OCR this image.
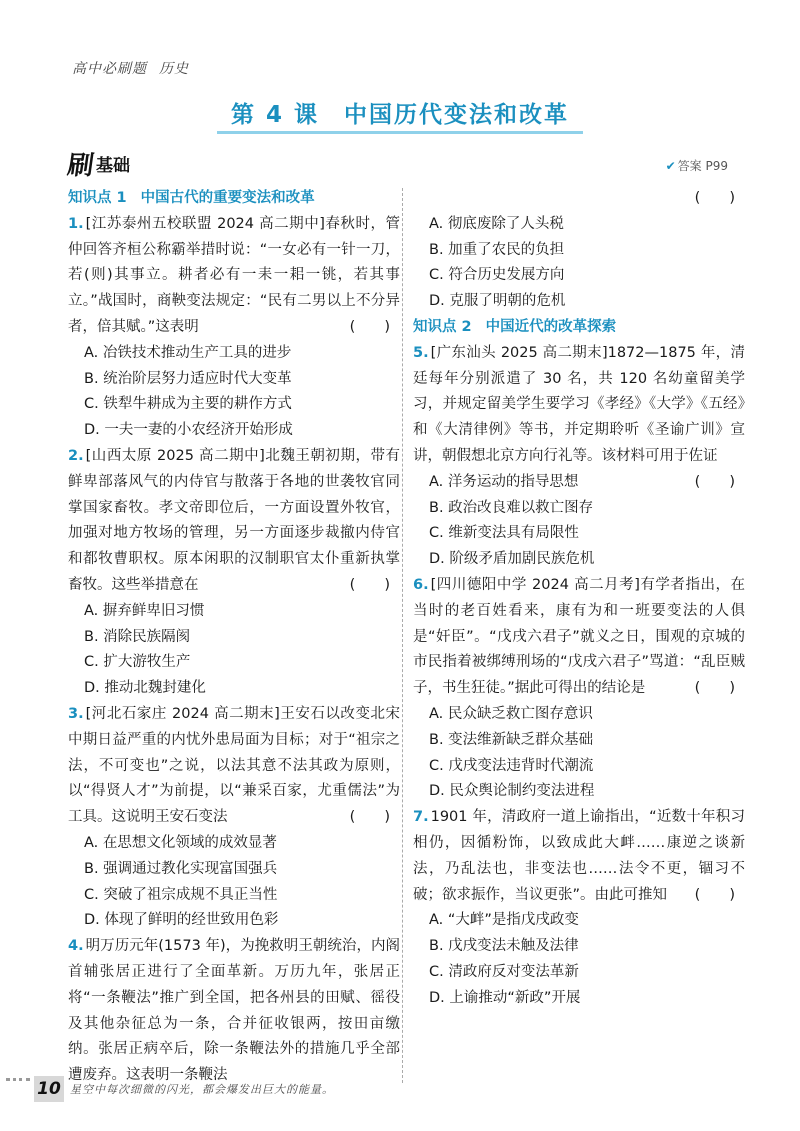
高中必刷题 历史
第 4 课　中国历代变法和改革
刷 基础	✔ 答案 P99

知识点 1 中国古代的重要变法和改革

1. [江苏泰州五校联盟 2024 高二期中]春秋时，管仲回答齐桓公称霸举措时说：“一女必有一针一刀，若(则)其事立。耕者必有一耒一耜一铫，若其事立。”战国时，商鞅变法规定：“民有二男以上不分异者，倍其赋。”这表明	(　　)

A. 冶铁技术推动生产工具的进步

B. 统治阶层努力适应时代大变革

C. 铁犁牛耕成为主要的耕作方式

D. 一夫一妻的小农经济开始形成

2. [山西太原 2025 高二期中]北魏王朝初期，带有鲜卑部落风气的内侍官与散落于各地的世袭牧官同掌国家畜牧。孝文帝即位后，一方面设置外牧官，加强对地方牧场的管理，另一方面逐步裁撤内侍官和都牧曹职权。原本闲职的汉制职官太仆重新执掌畜牧。这些举措意在	(　　)

A. 摒弃鲜卑旧习惯

B. 消除民族隔阂

C. 扩大游牧生产

D. 推动北魏封建化

3. [河北石家庄 2024 高二期末]王安石以改变北宋中期日益严重的内忧外患局面为目标；对于“祖宗之法，不可变也”之说，以法其意不法其政为原则，以“得贤人才”为前提，以“兼采百家，尤重儒法”为工具。这说明王安石变法	(　　)

A. 在思想文化领域的成效显著

B. 强调通过教化实现富国强兵

C. 突破了祖宗成规不具正当性

D. 体现了鲜明的经世致用色彩

4. 明万历元年(1573 年)，为挽救明王朝统治，内阁首辅张居正进行了全面革新。万历九年，张居正将“一条鞭法”推广到全国，把各州县的田赋、徭役及其他杂征总为一条，合并征收银两，按田亩缴纳。张居正病卒后，除一条鞭法外的措施几乎全部遭废弃。这表明一条鞭法

(　　)

A. 彻底废除了人头税

B. 加重了农民的负担

C. 符合历史发展方向

D. 克服了明朝的危机

知识点 2 中国近代的改革探索

5. [广东汕头 2025 高二期末]1872—1875 年，清廷每年分别派遣了 30 名，共 120 名幼童留美学习，并规定留美学生要学习《孝经》《大学》《五经》和《大清律例》等书，并定期聆听《圣谕广训》宣讲，朝假想北京方向行礼等。该材料可用于佐证
(　　)

A. 洋务运动的指导思想

B. 政治改良难以救亡图存

C. 维新变法具有局限性

D. 阶级矛盾加剧民族危机

6. [四川德阳中学 2024 高二月考]有学者指出，在当时的老百姓看来，康有为和一班要变法的人俱是“奸臣”。“戊戌六君子”就义之日，围观的京城的市民指着被绑缚刑场的“戊戌六君子”骂道：“乱臣贼子，书生狂徒。”据此可得出的结论是	(　　)

A. 民众缺乏救亡图存意识

B. 变法维新缺乏群众基础

C. 戊戌变法违背时代潮流

D. 民众舆论制约变法进程

7. 1901 年，清政府一道上谕指出，“近数十年积习相仍，因循粉饰，以致成此大衅……康逆之谈新法，乃乱法也，非变法也……法令不更，锢习不破；欲求振作，当议更张”。由此可推知 (　　)

A. “大衅”是指戊戌政变

B. 戊戌变法未触及法律

C. 清政府反对变法革新

D. 上谕推动“新政”开展

10 星空中每次细微的闪光，都会爆发出巨大的能量。
